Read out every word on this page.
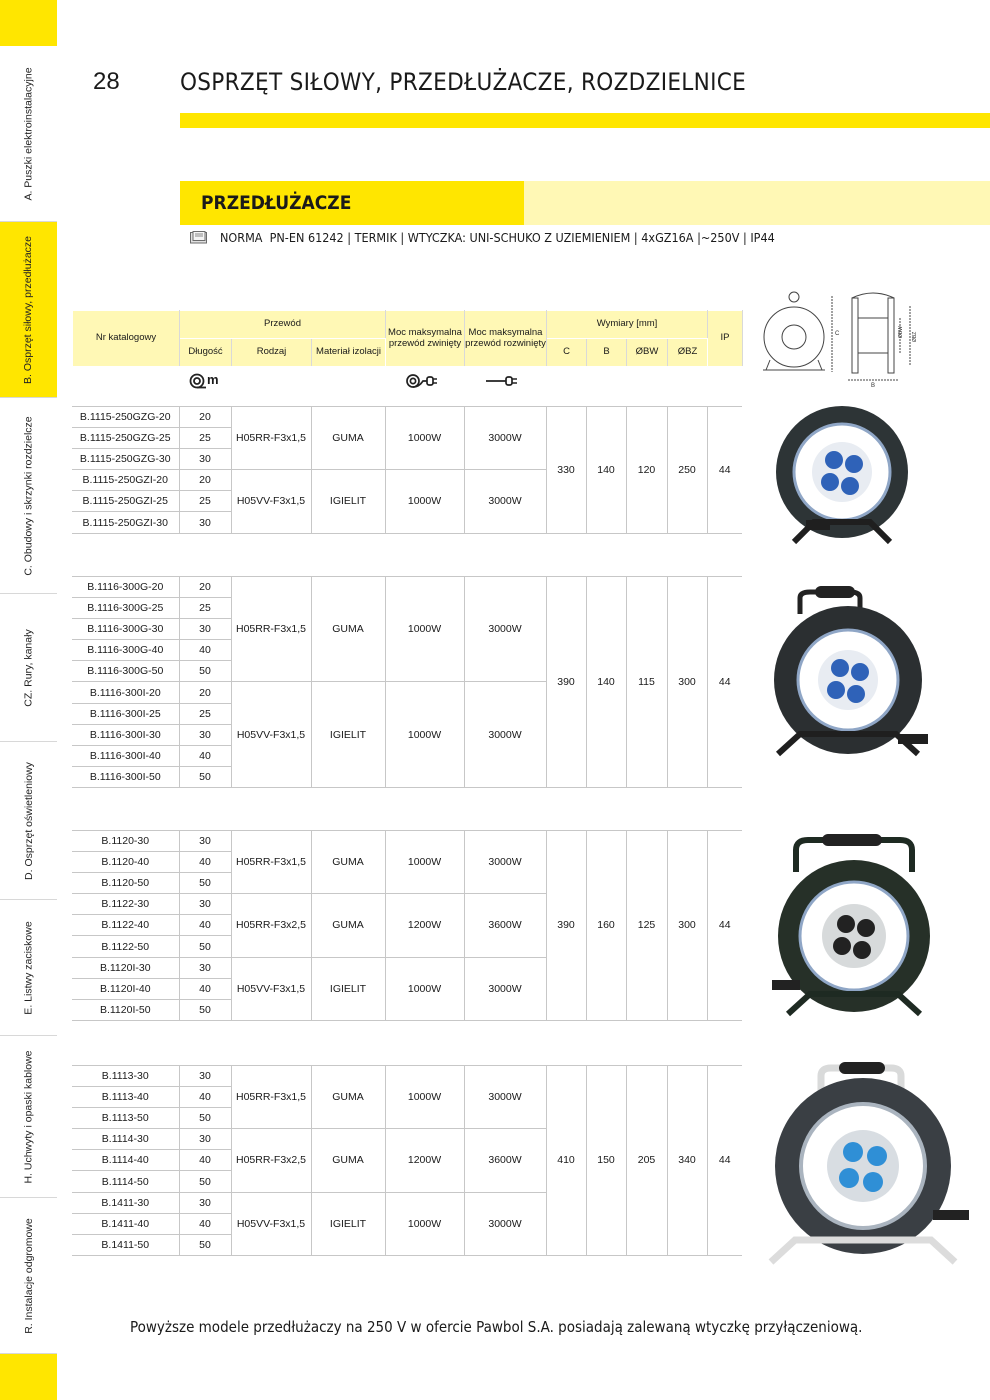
A. Puszki elektroinstalacyjne
B. Osprzęt siłowy, przedłużacze
C. Obudowy i skrzynki rozdzielcze
CZ. Rury, kanały
D. Osprzęt oświetleniowy
E. Listwy zaciskowe
H. Uchwyty i opaski kablowe
R. Instalacje odgromowe
28	OSPRZĘT SIŁOWY, PRZEDŁUŻACZE, ROZDZIELNICE
PRZEDŁUŻACZE
NORMA  PN-EN 61242 | TERMIK | WTYCZKA: UNI-SCHUKO Z UZIEMIENIEM | 4xGZ16A |~250V | IP44
Nr katalogowy	Przewód			Moc maksymalna przewód zwinięty	Moc maksymalna przewód rozwinięty	Wymiary [mm]				IP
	Długość	Rodzaj	Materiał izolacji			C	B	ØBW	ØBZ	
m
C
B
ØBW ØBZ
B.1115-250GZG-20	20	H05RR-F3x1,5	GUMA	1000W	3000W	330	140	120	250	44
B.1115-250GZG-25	25									
B.1115-250GZG-30	30									
B.1115-250GZI-20	20	H05VV-F3x1,5	IGIELIT	1000W	3000W					
B.1115-250GZI-25	25									
B.1115-250GZI-30	30									
B.1116-300G-20	20	H05RR-F3x1,5	GUMA	1000W	3000W	390	140	115	300	44
B.1116-300G-25	25									
B.1116-300G-30	30									
B.1116-300G-40	40									
B.1116-300G-50	50									
B.1116-300I-20	20	H05VV-F3x1,5	IGIELIT	1000W	3000W					
B.1116-300I-25	25									
B.1116-300I-30	30									
B.1116-300I-40	40									
B.1116-300I-50	50									
B.1120-30	30	H05RR-F3x1,5	GUMA	1000W	3000W	390	160	125	300	44
B.1120-40	40									
B.1120-50	50									
B.1122-30	30	H05RR-F3x2,5	GUMA	1200W	3600W					
B.1122-40	40									
B.1122-50	50									
B.1120I-30	30	H05VV-F3x1,5	IGIELIT	1000W	3000W					
B.1120I-40	40									
B.1120I-50	50									
B.1113-30	30	H05RR-F3x1,5	GUMA	1000W	3000W	410	150	205	340	44
B.1113-40	40									
B.1113-50	50									
B.1114-30	30	H05RR-F3x2,5	GUMA	1200W	3600W					
B.1114-40	40									
B.1114-50	50									
B.1411-30	30	H05VV-F3x1,5	IGIELIT	1000W	3000W					
B.1411-40	40									
B.1411-50	50									
Powyższe modele przedłużaczy na 250 V w ofercie Pawbol S.A. posiadają zalewaną wtyczkę przyłączeniową.
